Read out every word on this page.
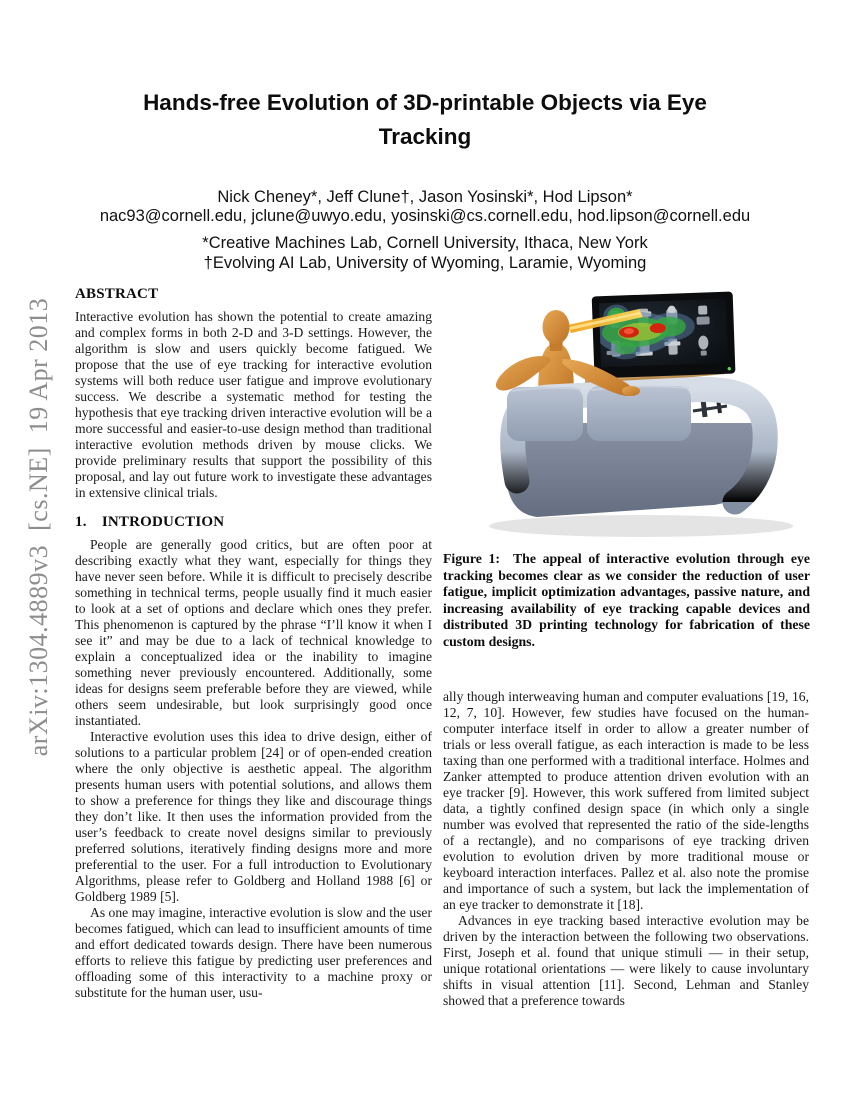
arXiv:1304.4889v3  [cs.NE]  19 Apr 2013
Hands-free Evolution of 3D-printable Objects via Eye Tracking
Nick Cheney*, Jeff Clune†, Jason Yosinski*, Hod Lipson*
nac93@cornell.edu, jclune@uwyo.edu, yosinski@cs.cornell.edu, hod.lipson@cornell.edu
*Creative Machines Lab, Cornell University, Ithaca, New York
†Evolving AI Lab, University of Wyoming, Laramie, Wyoming
ABSTRACT

Interactive evolution has shown the potential to create amazing and complex forms in both 2-D and 3-D settings. However, the algorithm is slow and users quickly become fatigued. We propose that the use of eye tracking for interactive evolution systems will both reduce user fatigue and improve evolutionary success. We describe a systematic method for testing the hypothesis that eye tracking driven interactive evolution will be a more successful and easier-to-use design method than traditional interactive evolution methods driven by mouse clicks. We provide preliminary results that support the possibility of this proposal, and lay out future work to investigate these advantages in extensive clinical trials.

1. INTRODUCTION

People are generally good critics, but are often poor at describing exactly what they want, especially for things they have never seen before. While it is difficult to precisely describe something in technical terms, people usually find it much easier to look at a set of options and declare which ones they prefer. This phenomenon is captured by the phrase “I’ll know it when I see it” and may be due to a lack of technical knowledge to explain a conceptualized idea or the inability to imagine something never previously encountered. Additionally, some ideas for designs seem preferable before they are viewed, while others seem undesirable, but look surprisingly good once instantiated.

Interactive evolution uses this idea to drive design, either of solutions to a particular problem [24] or of open-ended creation where the only objective is aesthetic appeal. The algorithm presents human users with potential solutions, and allows them to show a preference for things they like and discourage things they don’t like. It then uses the information provided from the user’s feedback to create novel designs similar to previously preferred solutions, iteratively finding designs more and more preferential to the user. For a full introduction to Evolutionary Algorithms, please refer to Goldberg and Holland 1988 [6] or Goldberg 1989 [5].

As one may imagine, interactive evolution is slow and the user becomes fatigued, which can lead to insufficient amounts of time and effort dedicated towards design. There have been numerous efforts to relieve this fatigue by predicting user preferences and offloading some of this interactivity to a machine proxy or substitute for the human user, usu-

Figure 1:  The appeal of interactive evolution through eye tracking becomes clear as we consider the reduction of user fatigue, implicit optimization advantages, passive nature, and increasing availability of eye tracking capable devices and distributed 3D printing technology for fabrication of these custom designs.

ally though interweaving human and computer evaluations [19, 16, 12, 7, 10]. However, few studies have focused on the human-computer interface itself in order to allow a greater number of trials or less overall fatigue, as each interaction is made to be less taxing than one performed with a traditional interface. Holmes and Zanker attempted to produce attention driven evolution with an eye tracker [9]. However, this work suffered from limited subject data, a tightly confined design space (in which only a single number was evolved that represented the ratio of the side-lengths of a rectangle), and no comparisons of eye tracking driven evolution to evolution driven by more traditional mouse or keyboard interaction interfaces. Pallez et al. also note the promise and importance of such a system, but lack the implementation of an eye tracker to demonstrate it [18].

Advances in eye tracking based interactive evolution may be driven by the interaction between the following two observations. First, Joseph et al. found that unique stimuli — in their setup, unique rotational orientations — were likely to cause involuntary shifts in visual attention [11]. Second, Lehman and Stanley showed that a preference towards
